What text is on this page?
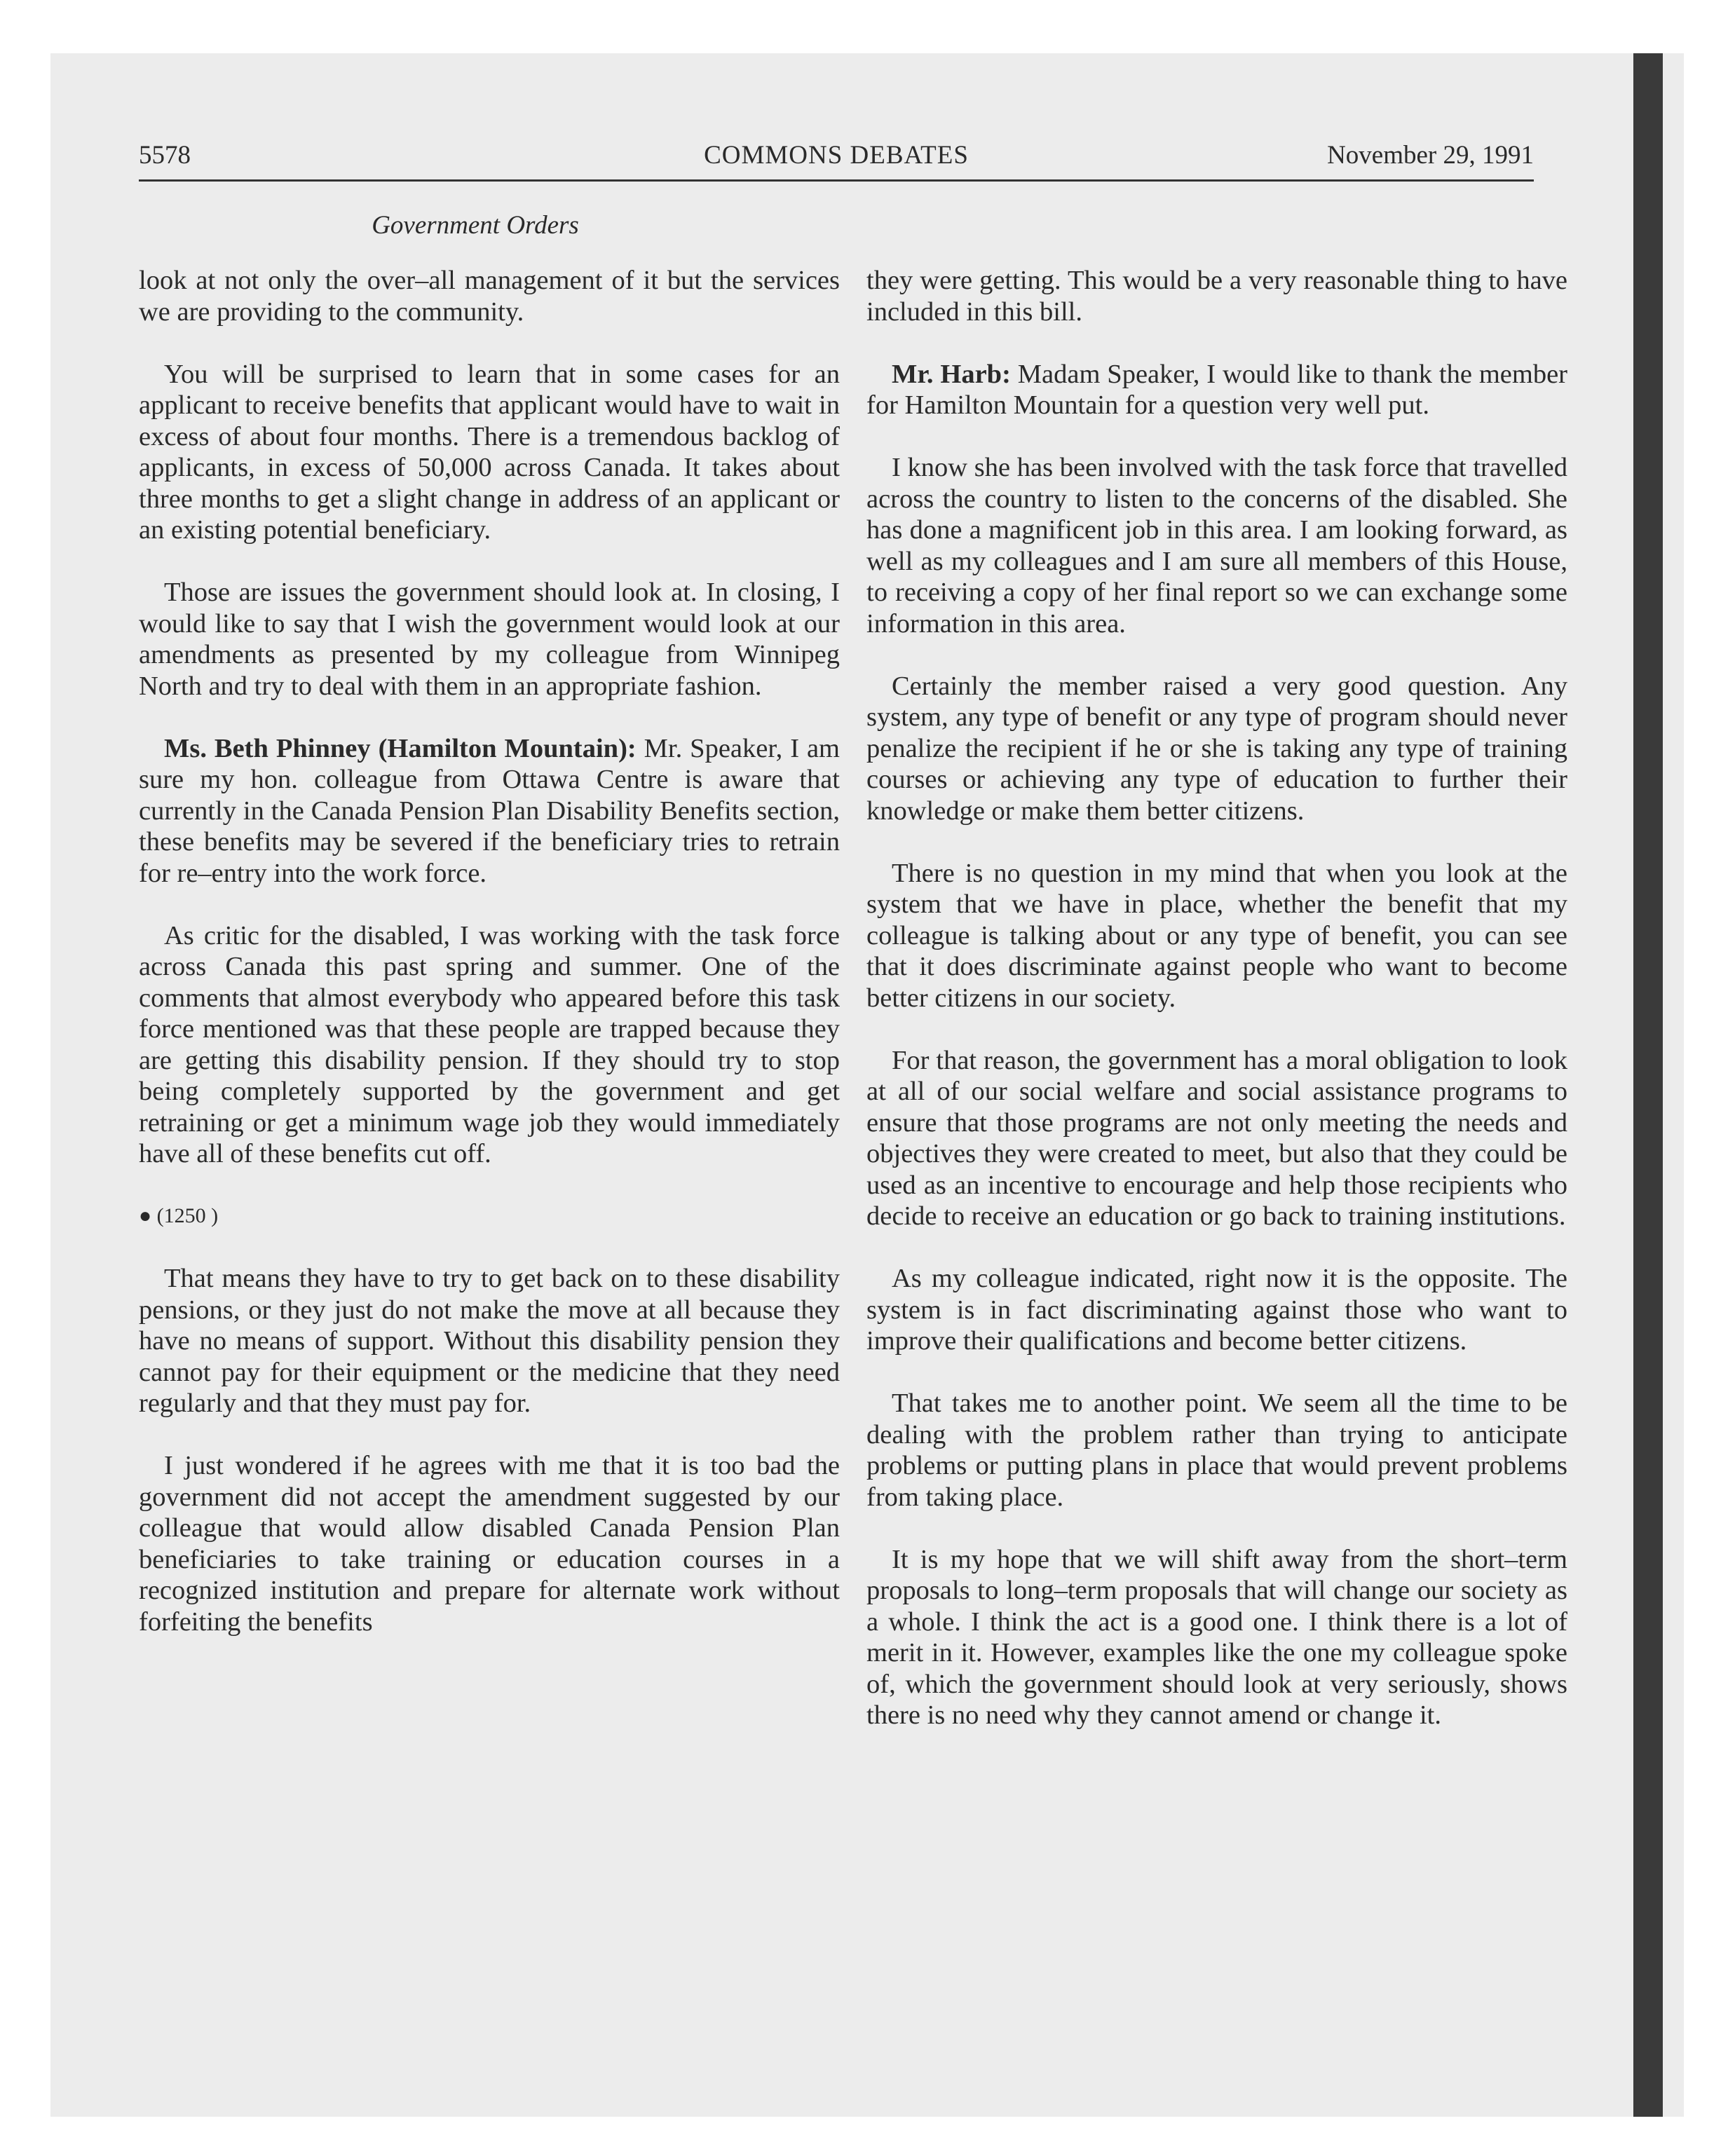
5578	COMMONS DEBATES	November 29, 1991
Government Orders

look at not only the over–all management of it but the services we are providing to the community.

You will be surprised to learn that in some cases for an applicant to receive benefits that applicant would have to wait in excess of about four months. There is a tremendous backlog of applicants, in excess of 50,000 across Canada. It takes about three months to get a slight change in address of an applicant or an existing potential beneficiary.

Those are issues the government should look at. In closing, I would like to say that I wish the government would look at our amendments as presented by my colleague from Winnipeg North and try to deal with them in an appropriate fashion.

Ms. Beth Phinney (Hamilton Mountain): Mr. Speaker, I am sure my hon. colleague from Ottawa Centre is aware that currently in the Canada Pension Plan Disability Benefits section, these benefits may be severed if the beneficiary tries to retrain for re–entry into the work force.

As critic for the disabled, I was working with the task force across Canada this past spring and summer. One of the comments that almost everybody who appeared before this task force mentioned was that these people are trapped because they are getting this disability pension. If they should try to stop being completely supported by the government and get retraining or get a minimum wage job they would immediately have all of these benefits cut off.

● (1250 )

That means they have to try to get back on to these disability pensions, or they just do not make the move at all because they have no means of support. Without this disability pension they cannot pay for their equipment or the medicine that they need regularly and that they must pay for.

I just wondered if he agrees with me that it is too bad the government did not accept the amendment suggested by our colleague that would allow disabled Canada Pension Plan beneficiaries to take training or education courses in a recognized institution and prepare for alternate work without forfeiting the benefits

they were getting. This would be a very reasonable thing to have included in this bill.

Mr. Harb: Madam Speaker, I would like to thank the member for Hamilton Mountain for a question very well put.

I know she has been involved with the task force that travelled across the country to listen to the concerns of the disabled. She has done a magnificent job in this area. I am looking forward, as well as my colleagues and I am sure all members of this House, to receiving a copy of her final report so we can exchange some information in this area.

Certainly the member raised a very good question. Any system, any type of benefit or any type of program should never penalize the recipient if he or she is taking any type of training courses or achieving any type of education to further their knowledge or make them better citizens.

There is no question in my mind that when you look at the system that we have in place, whether the benefit that my colleague is talking about or any type of benefit, you can see that it does discriminate against people who want to become better citizens in our society.

For that reason, the government has a moral obligation to look at all of our social welfare and social assistance programs to ensure that those programs are not only meeting the needs and objectives they were created to meet, but also that they could be used as an incentive to encourage and help those recipients who decide to receive an education or go back to training institutions.

As my colleague indicated, right now it is the opposite. The system is in fact discriminating against those who want to improve their qualifications and become better citizens.

That takes me to another point. We seem all the time to be dealing with the problem rather than trying to anticipate problems or putting plans in place that would prevent problems from taking place.

It is my hope that we will shift away from the short–term proposals to long–term proposals that will change our society as a whole. I think the act is a good one. I think there is a lot of merit in it. However, examples like the one my colleague spoke of, which the government should look at very seriously, shows there is no need why they cannot amend or change it.
